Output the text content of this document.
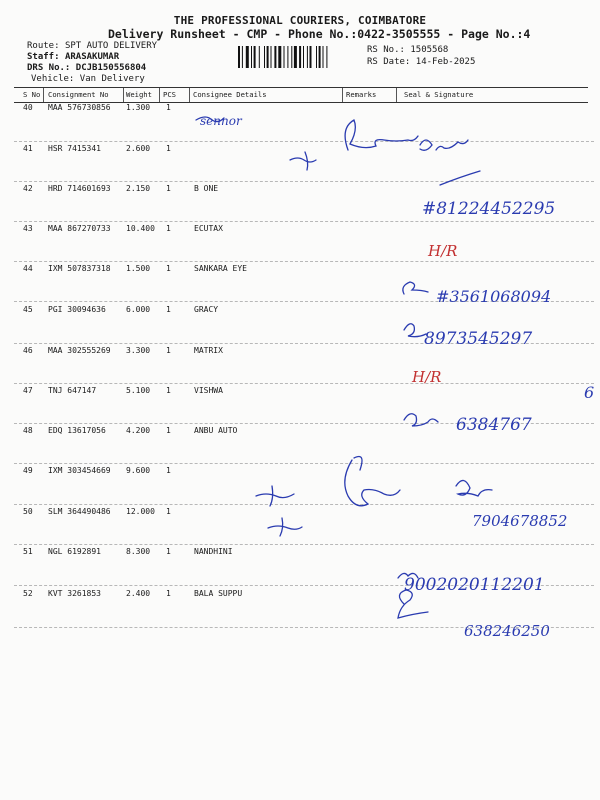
THE PROFESSIONAL COURIERS, COIMBATORE
Delivery Runsheet - CMP - Phone No.:0422-3505555 - Page No.:4
Route: SPT AUTO DELIVERY
Staff: ARASAKUMAR
DRS No.: DCJB150556804
Vehicle: Van Delivery
RS No.: 1505568
RS Date: 14-Feb-2025
S No Consignment No Weight PCS Consignee Details	Remarks	Seal & Signature
40 MAA 576730856 1.300 1
41 HSR 7415341	2.600 1
42 HRD 714601693 2.150 1	B ONE
43 MAA 867270733 10.400 1	ECUTAX
44 IXM 507837318 1.500 1	SANKARA EYE
45 PGI 30094636	6.000 1	GRACY
46 MAA 302555269 3.300 1	MATRIX
47 TNJ 647147	5.100 1	VISHWA
48 EDQ 13617056	4.200 1	ANBU AUTO
49 IXM 303454669 9.600 1
50 SLM 364490486 12.000 1
51 NGL 6192891	8.300 1	NANDHINI
52 KVT 3261853	2.400 1	BALA SUPPU
sennor
#81224452295
#3561068094
8973545297
6
6384767
7904678852
9002020112201
638246250
H/R
H/R
